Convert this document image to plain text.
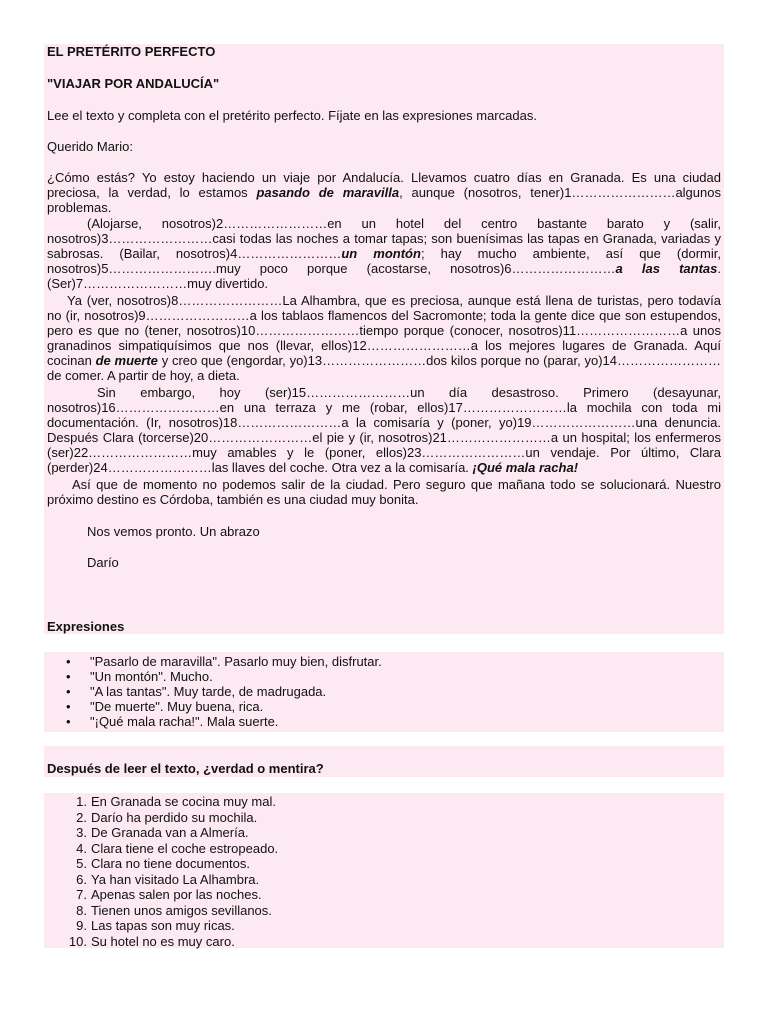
EL PRETÉRITO PERFECTO

"VIAJAR POR ANDALUCÍA"

Lee el texto y completa con el pretérito perfecto. Fíjate en las expresiones marcadas.

Querido Mario:

¿Cómo estás? Yo estoy haciendo un viaje por Andalucía. Llevamos cuatro días en Granada. Es una ciudad preciosa, la verdad, lo estamos pasando de maravilla, aunque (nosotros, tener)1……………………algunos problemas.

(Alojarse, nosotros)2……………………en un hotel del centro bastante barato y (salir, nosotros)3……………………casi todas las noches a tomar tapas; son buenísimas las tapas en Granada, variadas y sabrosas. (Bailar, nosotros)4……………………un montón; hay mucho ambiente, así que (dormir, nosotros)5…………………….muy poco porque (acostarse, nosotros)6……………………a las tantas. (Ser)7……………………muy divertido.

Ya (ver, nosotros)8……………………La Alhambra, que es preciosa, aunque está llena de turistas, pero todavía no (ir, nosotros)9……………………a los tablaos flamencos del Sacromonte; toda la gente dice que son estupendos, pero es que no (tener, nosotros)10……………………tiempo porque (conocer, nosotros)11……………………a unos granadinos simpatiquísimos que nos (llevar, ellos)12……………………a los mejores lugares de Granada. Aquí cocinan de muerte y creo que (engordar, yo)13……………………dos kilos porque no (parar, yo)14……………………de comer. A partir de hoy, a dieta.

Sin embargo, hoy (ser)15……………………un día desastroso. Primero (desayunar, nosotros)16……………………en una terraza y me (robar, ellos)17……………………la mochila con toda mi documentación. (Ir, nosotros)18……………………a la comisaría y (poner, yo)19……………………una denuncia. Después Clara (torcerse)20……………………el pie y (ir, nosotros)21……………………a un hospital; los enfermeros (ser)22……………………muy amables y le (poner, ellos)23……………………un vendaje. Por último, Clara (perder)24……………………las llaves del coche. Otra vez a la comisaría. ¡Qué mala racha!

Así que de momento no podemos salir de la ciudad. Pero seguro que mañana todo se solucionará. Nuestro próximo destino es Córdoba, también es una ciudad muy bonita.

Nos vemos pronto. Un abrazo

Darío

Expresiones

• "Pasarlo de maravilla". Pasarlo muy bien, disfrutar.
• "Un montón". Mucho.
• "A las tantas". Muy tarde, de madrugada.
• "De muerte". Muy buena, rica.
• "¡Qué mala racha!". Mala suerte.

Después de leer el texto, ¿verdad o mentira?

1. En Granada se cocina muy mal.
2. Darío ha perdido su mochila.
3. De Granada van a Almería.
4. Clara tiene el coche estropeado.
5. Clara no tiene documentos.
6. Ya han visitado La Alhambra.
7. Apenas salen por las noches.
8. Tienen unos amigos sevillanos.
9. Las tapas son muy ricas.
10. Su hotel no es muy caro.
